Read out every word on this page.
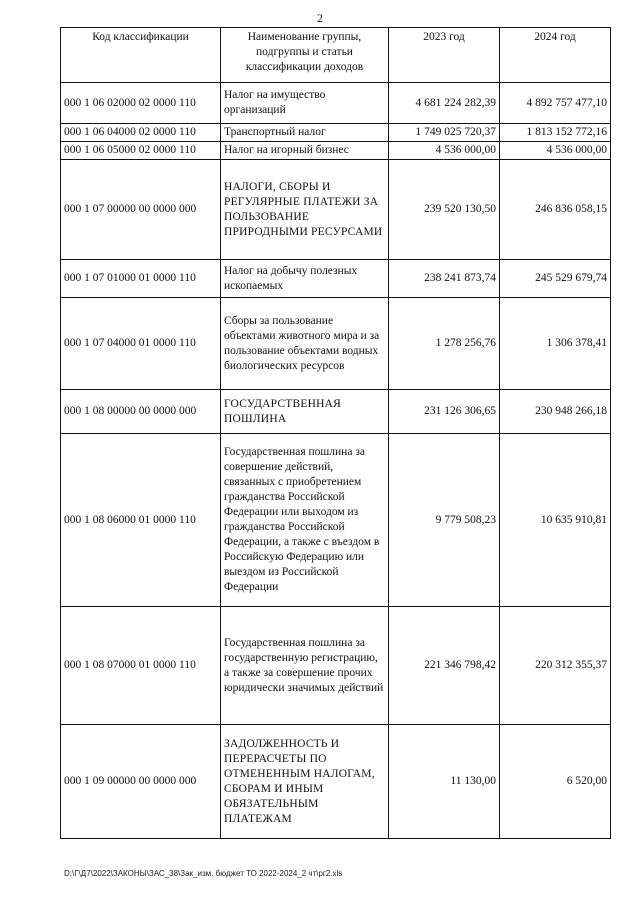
2
Код классификации	Наименование группы, подгруппы и статьи классификации доходов	2023 год	2024 год
000 1 06 02000 02 0000 110	Налог на имущество организаций	4 681 224 282,39	4 892 757 477,10
000 1 06 04000 02 0000 110	Транспортный налог	1 749 025 720,37	1 813 152 772,16
000 1 06 05000 02 0000 110	Налог на игорный бизнес	4 536 000,00	4 536 000,00
000 1 07 00000 00 0000 000	НАЛОГИ, СБОРЫ И РЕГУЛЯРНЫЕ ПЛАТЕЖИ ЗА ПОЛЬЗОВАНИЕ ПРИРОДНЫМИ РЕСУРСАМИ	239 520 130,50	246 836 058,15
000 1 07 01000 01 0000 110	Налог на добычу полезных ископаемых	238 241 873,74	245 529 679,74
000 1 07 04000 01 0000 110	Сборы за пользование объектами животного мира и за пользование объектами водных биологических ресурсов	1 278 256,76	1 306 378,41
000 1 08 00000 00 0000 000	ГОСУДАРСТВЕННАЯ ПОШЛИНА	231 126 306,65	230 948 266,18
000 1 08 06000 01 0000 110	Государственная пошлина за совершение действий, связанных с приобретением гражданства Российской Федерации или выходом из гражданства Российской Федерации, а также с въездом в Российскую Федерацию или выездом из Российской Федерации	9 779 508,23	10 635 910,81
000 1 08 07000 01 0000 110	Государственная пошлина за государственную регистрацию, а также за совершение прочих юридически значимых действий	221 346 798,42	220 312 355,37
000 1 09 00000 00 0000 000	ЗАДОЛЖЕННОСТЬ И ПЕРЕРАСЧЕТЫ ПО ОТМЕНЕННЫМ НАЛОГАМ, СБОРАМ И ИНЫМ ОБЯЗАТЕЛЬНЫМ ПЛАТЕЖАМ	11 130,00	6 520,00
D:\Г\Д7\2022\ЗАКОНЫ\ЗАС_38\Зак_изм. бюджет ТО 2022-2024_2 чт\рг2.xls
